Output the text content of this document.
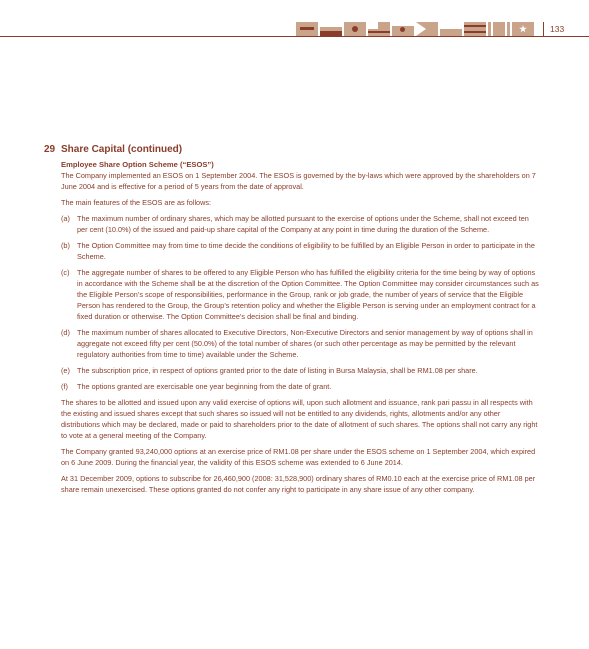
133
29 Share Capital (continued)

Employee Share Option Scheme (“ESOS”)

The Company implemented an ESOS on 1 September 2004. The ESOS is governed by the by-laws which were approved by the shareholders on 7 June 2004 and is effective for a period of 5 years from the date of approval.

The main features of the ESOS are as follows:

(a) The maximum number of ordinary shares, which may be allotted pursuant to the exercise of options under the Scheme, shall not exceed ten per cent (10.0%) of the issued and paid-up share capital of the Company at any point in time during the duration of the Scheme.
(b) The Option Committee may from time to time decide the conditions of eligibility to be fulfilled by an Eligible Person in order to participate in the Scheme.
(c)	The aggregate number of shares to be offered to any Eligible Person who has fulfilled the eligibility criteria for the time being by way of options in accordance with the Scheme shall be at the discretion of the Option Committee. The Option Committee may consider circumstances such as the Eligible Person’s scope of responsibilities, performance in the Group, rank or job grade, the number of years of service that the Eligible Person has rendered to the Group, the Group’s retention policy and whether the Eligible Person is serving under an employment contract for a fixed duration or otherwise. The Option Committee’s decision shall be final and binding.
(d) The maximum number of shares allocated to Executive Directors, Non-Executive Directors and senior management by way of options shall in aggregate not exceed fifty per cent (50.0%) of the total number of shares (or such other percentage as may be permitted by the relevant regulatory authorities from time to time) available under the Scheme.
(e) The subscription price, in respect of options granted prior to the date of listing in Bursa Malaysia, shall be RM1.08 per share.
(f)	The options granted are exercisable one year beginning from the date of grant.

The shares to be allotted and issued upon any valid exercise of options will, upon such allotment and issuance, rank pari passu in all respects with the existing and issued shares except that such shares so issued will not be entitled to any dividends, rights, allotments and/or any other distributions which may be declared, made or paid to shareholders prior to the date of allotment of such shares. The options shall not carry any right to vote at a general meeting of the Company.

The Company granted 93,240,000 options at an exercise price of RM1.08 per share under the ESOS scheme on 1 September 2004, which expired on 6 June 2009. During the financial year, the validity of this ESOS scheme was extended to 6 June 2014.

At 31 December 2009, options to subscribe for 26,460,900 (2008: 31,528,900) ordinary shares of RM0.10 each at the exercise price of RM1.08 per share remain unexercised. These options granted do not confer any right to participate in any share issue of any other company.
